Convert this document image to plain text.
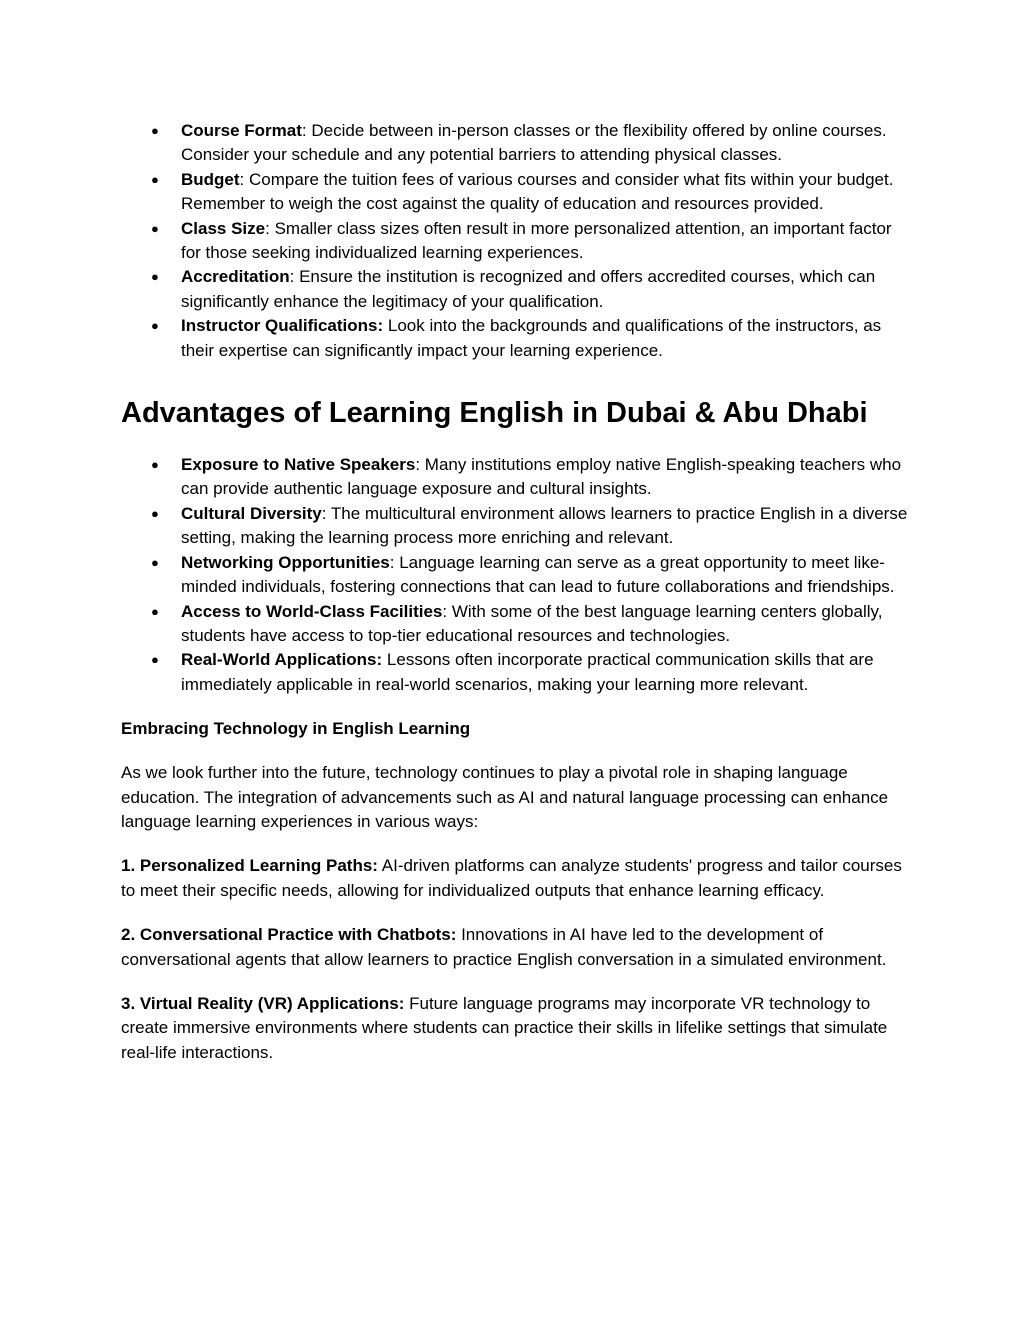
● Course Format: Decide between in-person classes or the flexibility offered by online courses. Consider your schedule and any potential barriers to attending physical classes.
● Budget: Compare the tuition fees of various courses and consider what fits within your budget. Remember to weigh the cost against the quality of education and resources provided.
● Class Size: Smaller class sizes often result in more personalized attention, an important factor for those seeking individualized learning experiences.
● Accreditation: Ensure the institution is recognized and offers accredited courses, which can significantly enhance the legitimacy of your qualification.
● Instructor Qualifications: Look into the backgrounds and qualifications of the instructors, as their expertise can significantly impact your learning experience.
Advantages of Learning English in Dubai & Abu Dhabi
● Exposure to Native Speakers: Many institutions employ native English-speaking teachers who can provide authentic language exposure and cultural insights.
● Cultural Diversity: The multicultural environment allows learners to practice English in a diverse setting, making the learning process more enriching and relevant.
● Networking Opportunities: Language learning can serve as a great opportunity to meet like-minded individuals, fostering connections that can lead to future collaborations and friendships.
● Access to World-Class Facilities: With some of the best language learning centers globally, students have access to top-tier educational resources and technologies.
● Real-World Applications: Lessons often incorporate practical communication skills that are immediately applicable in real-world scenarios, making your learning more relevant.
Embracing Technology in English Learning

As we look further into the future, technology continues to play a pivotal role in shaping language education. The integration of advancements such as AI and natural language processing can enhance language learning experiences in various ways:

1. Personalized Learning Paths: AI-driven platforms can analyze students' progress and tailor courses to meet their specific needs, allowing for individualized outputs that enhance learning efficacy.

2. Conversational Practice with Chatbots: Innovations in AI have led to the development of conversational agents that allow learners to practice English conversation in a simulated environment.

3. Virtual Reality (VR) Applications: Future language programs may incorporate VR technology to create immersive environments where students can practice their skills in lifelike settings that simulate real-life interactions.
